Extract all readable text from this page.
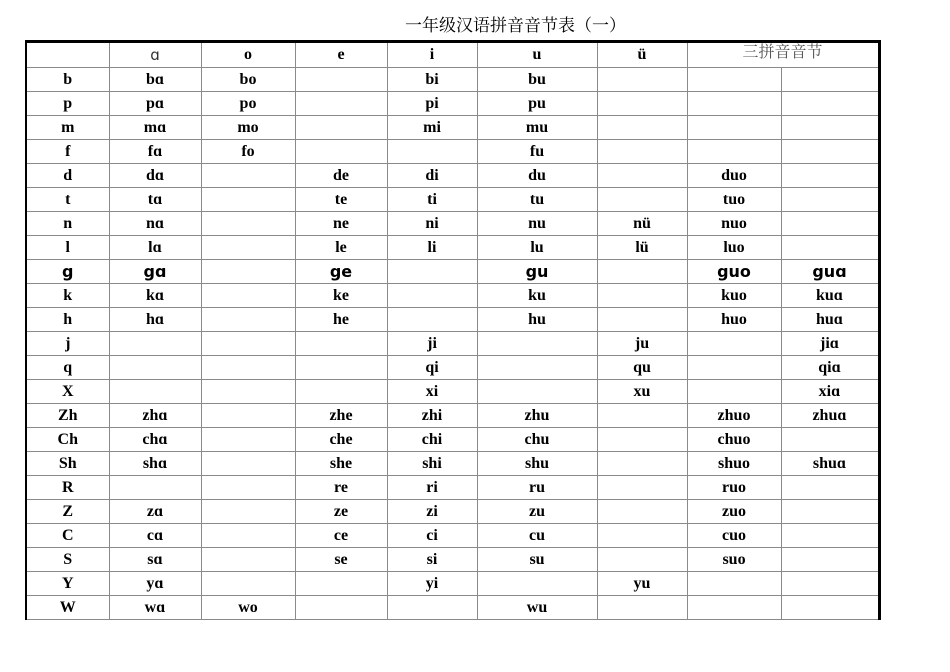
一年级汉语拼音音节表（一）
	ɑ	o	e	i	u	ü	三拼音音节	
b	bɑ	bo		bi	bu			
p	pɑ	po		pi	pu			
m	mɑ	mo		mi	mu			
f	fɑ	fo			fu			
d	dɑ		de	di	du		duo	
t	tɑ		te	ti	tu		tuo	
n	nɑ		ne	ni	nu	nü	nuo	
l	lɑ		le	li	lu	lü	luo	
g	gɑ		ge		gu		guo	guɑ
k	kɑ		ke		ku		kuo	kuɑ
h	hɑ		he		hu		huo	huɑ
j				ji		ju		jiɑ
q				qi		qu		qiɑ
X				xi		xu		xiɑ
Zh	zhɑ		zhe	zhi	zhu		zhuo	zhuɑ
Ch	chɑ		che	chi	chu		chuo	
Sh	shɑ		she	shi	shu		shuo	shuɑ
R			re	ri	ru		ruo	
Z	zɑ		ze	zi	zu		zuo	
C	cɑ		ce	ci	cu		cuo	
S	sɑ		se	si	su		suo	
Y	yɑ			yi		yu		
W	wɑ	wo			wu			
